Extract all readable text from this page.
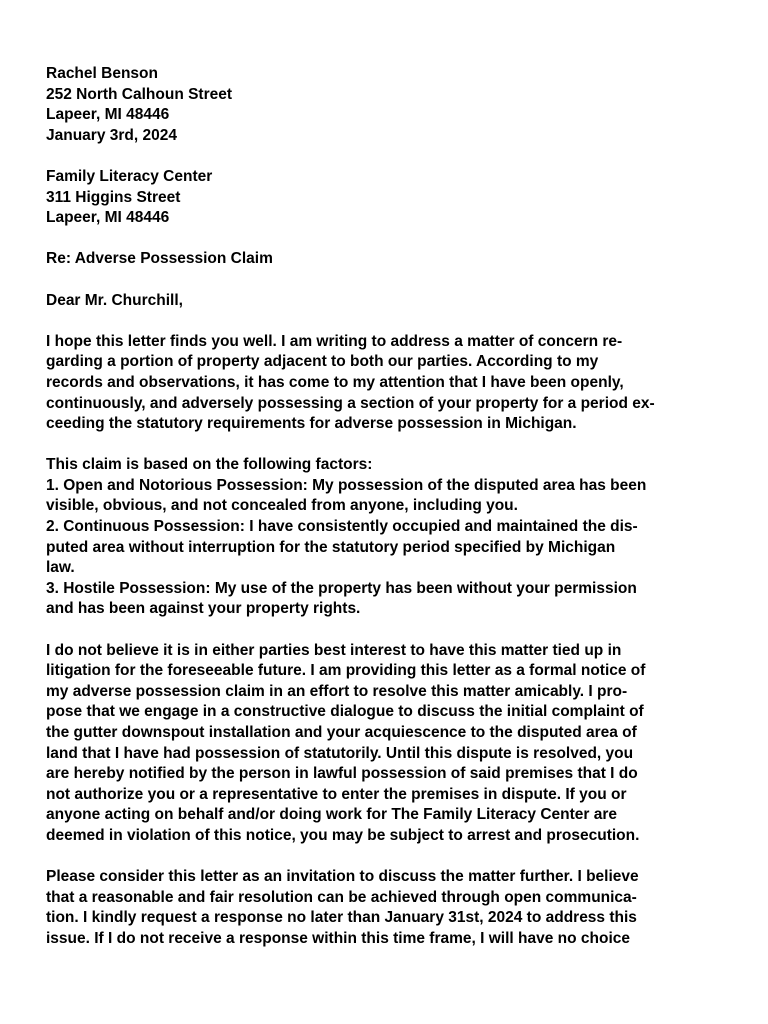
Rachel Benson
252 North Calhoun Street
Lapeer, MI 48446
January 3rd, 2024
Family Literacy Center
311 Higgins Street
Lapeer, MI 48446
Re: Adverse Possession Claim
Dear Mr. Churchill,
I hope this letter finds you well. I am writing to address a matter of concern re-
garding a portion of property adjacent to both our parties. According to my
records and observations, it has come to my attention that I have been openly,
continuously, and adversely possessing a section of your property for a period ex-
ceeding the statutory requirements for adverse possession in Michigan.
This claim is based on the following factors:
1. Open and Notorious Possession: My possession of the disputed area has been
visible, obvious, and not concealed from anyone, including you.
2. Continuous Possession: I have consistently occupied and maintained the dis-
puted area without interruption for the statutory period specified by Michigan
law.
3. Hostile Possession: My use of the property has been without your permission
and has been against your property rights.
I do not believe it is in either parties best interest to have this matter tied up in
litigation for the foreseeable future. I am providing this letter as a formal notice of
my adverse possession claim in an effort to resolve this matter amicably. I pro-
pose that we engage in a constructive dialogue to discuss the initial complaint of
the gutter downspout installation and your acquiescence to the disputed area of
land that I have had possession of statutorily. Until this dispute is resolved, you
are hereby notified by the person in lawful possession of said premises that I do
not authorize you or a representative to enter the premises in dispute. If you or
anyone acting on behalf and/or doing work for The Family Literacy Center are
deemed in violation of this notice, you may be subject to arrest and prosecution.
Please consider this letter as an invitation to discuss the matter further. I believe
that a reasonable and fair resolution can be achieved through open communica-
tion. I kindly request a response no later than January 31st, 2024 to address this
issue. If I do not receive a response within this time frame, I will have no choice
